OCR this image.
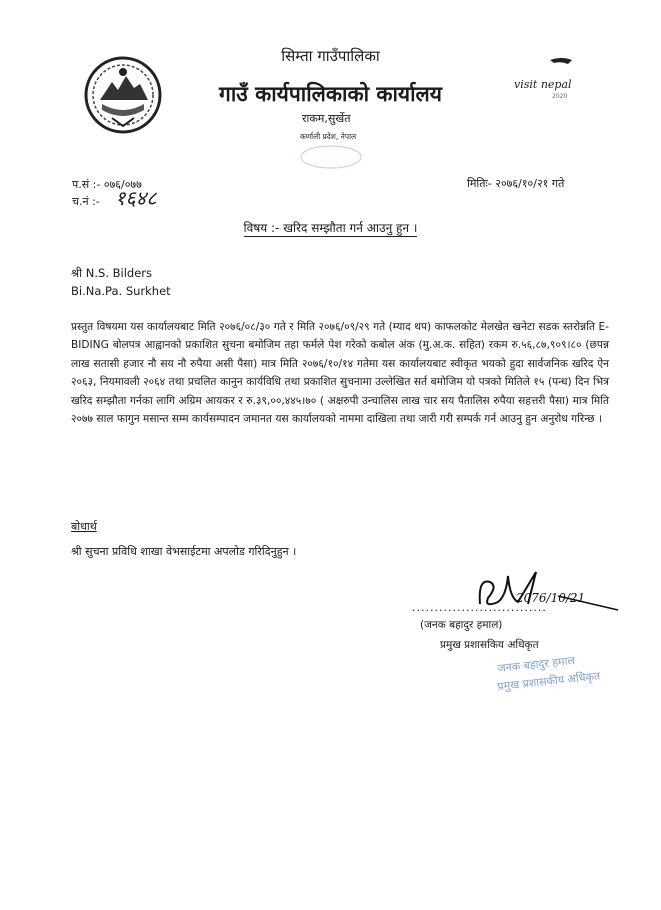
सिम्ता गाउँपालिका
गाउँ कार्यपालिकाको कार्यालय
राकम,सुर्खेत
कर्णाली प्रदेश, नेपाल
visit nepal
2020
प.सं :- ०७६/०७७
च.नं :- १६४८
मितिः- २०७६/१०/२१ गते
विषय :- खरिद सम्झौता गर्न आउनु हुन ।
श्री N.S. Bilders
Bi.Na.Pa. Surkhet
प्रस्तुत विषयमा यस कार्यालयबाट मिति २०७६/०८/३० गते र मिति २०७६/०९/२९ गते (म्याद थप) काफलकोट मेलखेत खनेटा सडक स्तरोन्नति E-BIDING बोलपत्र आह्वानको प्रकाशित सुचना बमोजिम तहा फर्मले पेश गरेको कबोल अंक (मु.अ.क. सहित) रकम रु.५६,८७,९०९।८० (छपन्न लाख सतासी हजार नौ सय नौ रुपैया असी पैसा) मात्र मिति २०७६/१०/१४ गतेमा यस कार्यालयबाट स्वीकृत भयको हुदा सार्वजनिक खरिद ऐन २०६३, नियमावली २०६४ तथा प्रचलित कानुन कार्यविधि तथा प्रकाशित सुचनामा उल्लेखित सर्त बमोजिम यो पत्रको मितिले १५ (पन्ध) दिन भित्र खरिद सम्झौता गर्नका लागि अग्रिम आयकर र रु.३९,००,४४५।७० ( अक्षरुपी उन्चालिस लाख चार सय पैतालिस रुपैया सहत्तरी पैसा) मात्र मिति २०७७ साल फागुन मसान्त सम्म कार्यसम्पादन जमानत यस कार्यालयको नाममा दाखिला तथा जारी गरी सम्पर्क गर्न आउनु हुन अनुरोध गरिन्छ ।
बोधार्थ
श्री सुचना प्रविधि शाखा वेभसाईटमा अपलोड गरिदिनुहुन ।
2076/10/21
..............................
(जनक बहादुर हमाल)
प्रमुख प्रशासकिय अधिकृत
जनक बहादुर हमाल
प्रमुख प्रशासकीय अधिकृत
